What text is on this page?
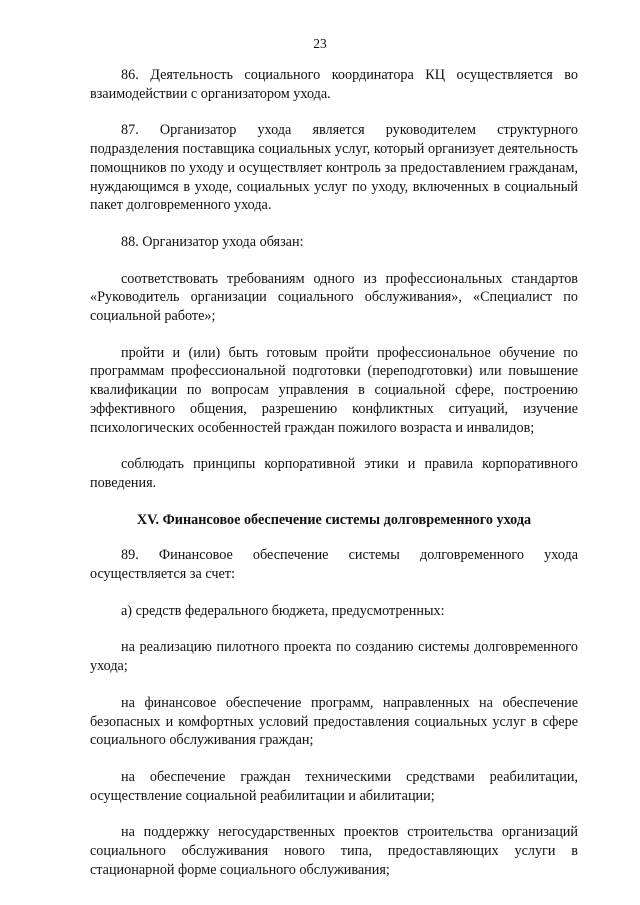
23

86. Деятельность социального координатора КЦ осуществляется во взаимодействии с организатором ухода.

87. Организатор ухода является руководителем структурного подразделения поставщика социальных услуг, который организует деятельность помощников по уходу и осуществляет контроль за предоставлением гражданам, нуждающимся в уходе, социальных услуг по уходу, включенных в социальный пакет долговременного ухода.

88. Организатор ухода обязан:

соответствовать требованиям одного из профессиональных стандартов «Руководитель организации социального обслуживания», «Специалист по социальной работе»;

пройти и (или) быть готовым пройти профессиональное обучение по программам профессиональной подготовки (переподготовки) или повышение квалификации по вопросам управления в социальной сфере, построению эффективного общения, разрешению конфликтных ситуаций, изучение психологических особенностей граждан пожилого возраста и инвалидов;

соблюдать принципы корпоративной этики и правила корпоративного поведения.

XV. Финансовое обеспечение системы долговременного ухода

89. Финансовое обеспечение системы долговременного ухода осуществляется за счет:

а) средств федерального бюджета, предусмотренных:

на реализацию пилотного проекта по созданию системы долговременного ухода;

на финансовое обеспечение программ, направленных на обеспечение безопасных и комфортных условий предоставления социальных услуг в сфере социального обслуживания граждан;

на обеспечение граждан техническими средствами реабилитации, осуществление социальной реабилитации и абилитации;

на поддержку негосударственных проектов строительства организаций социального обслуживания нового типа, предоставляющих услуги в стационарной форме социального обслуживания;
